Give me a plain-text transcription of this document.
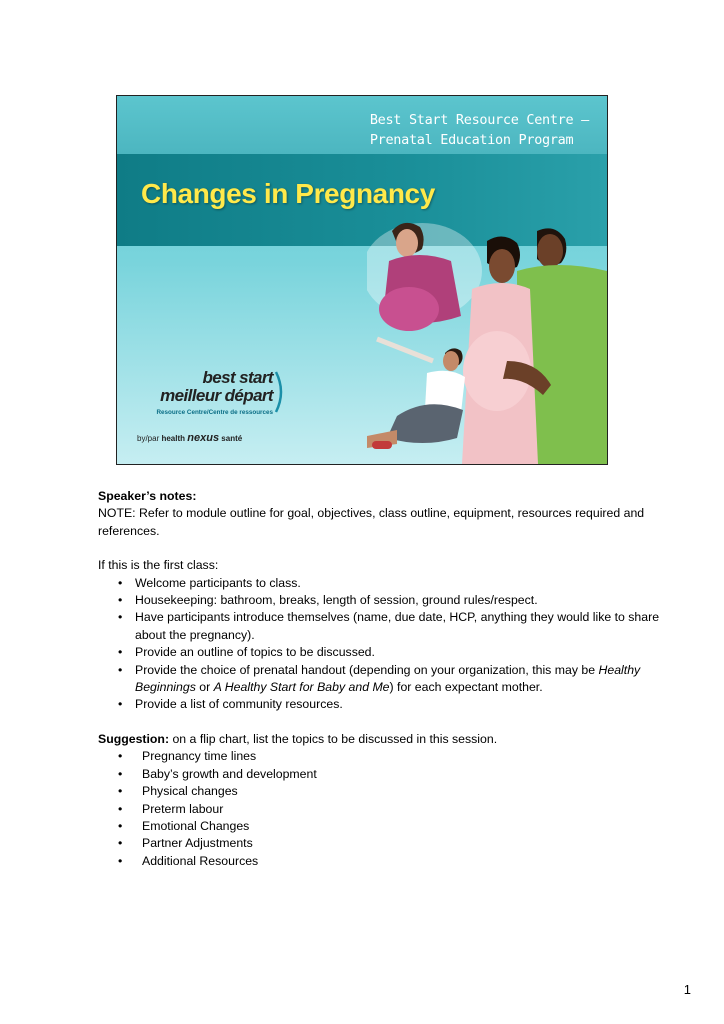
Best Start Resource Centre –
Prenatal Education Program
Changes in Pregnancy
best start
meilleur départ
Resource Centre/Centre de ressources
by/par health nexus santé

Speaker’s notes:

NOTE: Refer to module outline for goal, objectives, class outline, equipment, resources required and references.

If this is the first class:

• Welcome participants to class.
• Housekeeping: bathroom, breaks, length of session, ground rules/respect.
• Have participants introduce themselves (name, due date, HCP, anything they would like to share about the pregnancy).
• Provide an outline of topics to be discussed.
• Provide the choice of prenatal handout (depending on your organization, this may be Healthy Beginnings or A Healthy Start for Baby and Me) for each expectant mother.
• Provide a list of community resources.

Suggestion: on a flip chart, list the topics to be discussed in this session.

• Pregnancy time lines
• Baby’s growth and development
• Physical changes
• Preterm labour
• Emotional Changes
• Partner Adjustments
• Additional Resources
1
